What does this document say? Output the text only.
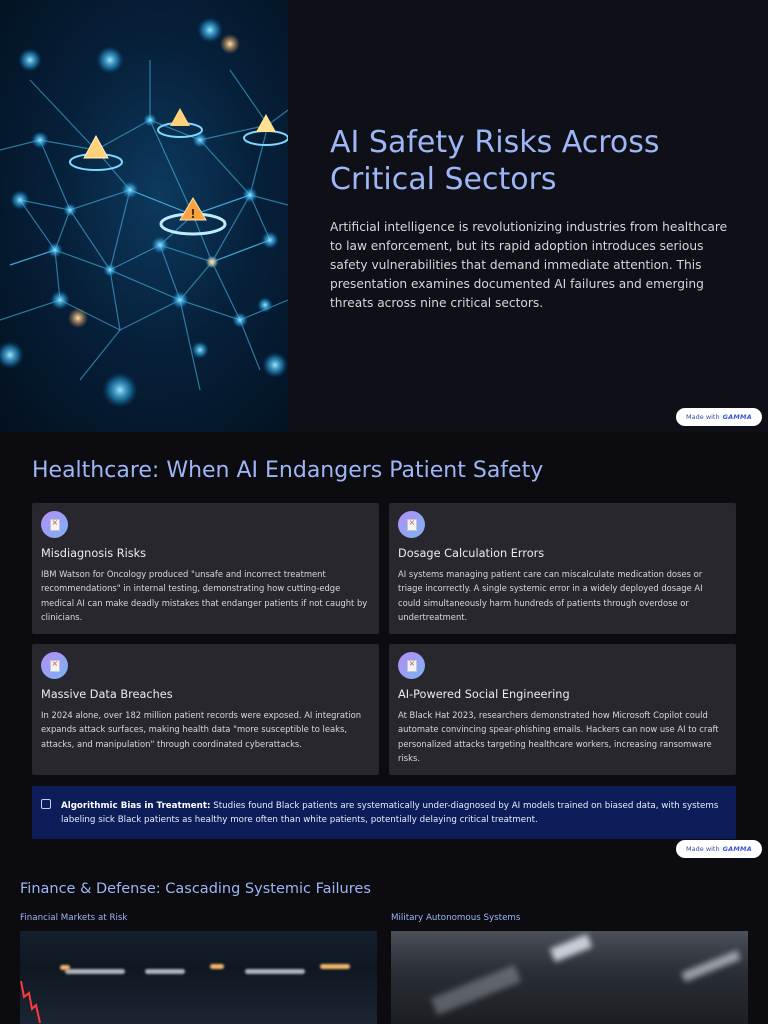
!
AI Safety Risks Across Critical Sectors

Artificial intelligence is revolutionizing industries from healthcare to law enforcement, but its rapid adoption introduces serious safety vulnerabilities that demand immediate attention. This presentation examines documented AI failures and emerging threats across nine critical sectors.

Made with GAMMA
Healthcare: When AI Endangers Patient Safety
×
Misdiagnosis Risks

IBM Watson for Oncology produced "unsafe and incorrect treatment recommendations" in internal testing, demonstrating how cutting-edge medical AI can make deadly mistakes that endanger patients if not caught by clinicians.

×
Dosage Calculation Errors

AI systems managing patient care can miscalculate medication doses or triage incorrectly. A single systemic error in a widely deployed dosage AI could simultaneously harm hundreds of patients through overdose or undertreatment.

×
Massive Data Breaches

In 2024 alone, over 182 million patient records were exposed. AI integration expands attack surfaces, making health data "more susceptible to leaks, attacks, and manipulation" through coordinated cyberattacks.

×
AI-Powered Social Engineering

At Black Hat 2023, researchers demonstrated how Microsoft Copilot could automate convincing spear-phishing emails. Hackers can now use AI to craft personalized attacks targeting healthcare workers, increasing ransomware risks.

Algorithmic Bias in Treatment: Studies found Black patients are systematically under-diagnosed by AI models trained on biased data, with systems labeling sick Black patients as healthy more often than white patients, potentially delaying critical treatment.

Made with GAMMA
Finance & Defense: Cascading Systemic Failures
Financial Markets at Risk	Military Autonomous Systems
